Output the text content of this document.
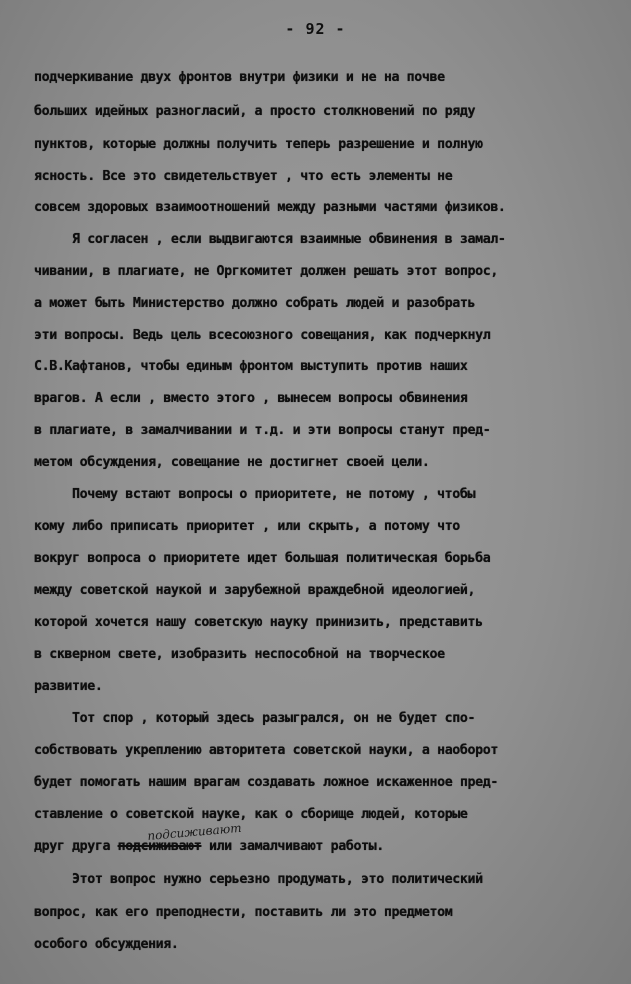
- 92 -
подчеркивание двух фронтов внутри физики и не на почве
больших идейных разногласий, а просто столкновений по ряду
пунктов, которые должны получить теперь разрешение и полную
ясность. Все это свидетельствует , что есть элементы не
совсем здоровых взаимоотношений между разными частями физиков.
Я согласен , если выдвигаются взаимные обвинения в замал-
чивании, в плагиате, не Оргкомитет должен решать этот вопрос,
а может быть Министерство должно собрать людей и разобрать
эти вопросы. Ведь цель всесоюзного совещания, как подчеркнул
С.В.Кафтанов, чтобы единым фронтом выступить против наших
врагов. А если , вместо этого , вынесем вопросы обвинения
в плагиате, в замалчивании и т.д. и эти вопросы станут пред-
метом обсуждения, совещание не достигнет своей цели.
Почему встают вопросы о приоритете, не потому , чтобы
кому либо приписать приоритет , или скрыть, а потому что
вокруг вопроса о приоритете идет большая политическая борьба
между советской наукой и зарубежной враждебной идеологией,
которой хочется нашу советскую науку принизить, представить
в скверном свете, изобразить неспособной на творческое
развитие.
Тот спор , который здесь разыгрался, он не будет спо-
собствовать укреплению авторитета советской науки, а наоборот
будет помогать нашим врагам создавать ложное искаженное пред-
ставление о советской науке, как о сборище людей, которые
подсиживают
друг друга подсиживают или замалчивают работы.
Этот вопрос нужно серьезно продумать, это политический
вопрос, как его преподнести, поставить ли это предметом
особого обсуждения.
